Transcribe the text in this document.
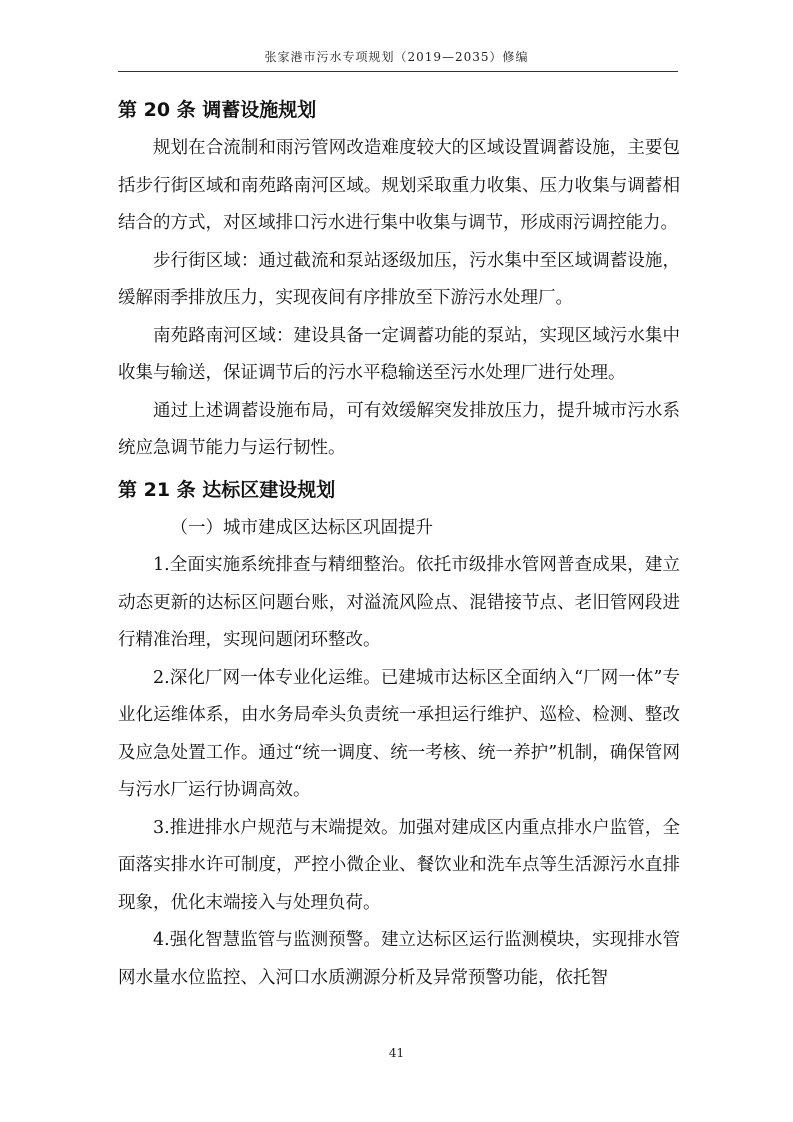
张家港市污水专项规划（2019—2035）修编
第 20 条 调蓄设施规划

规划在合流制和雨污管网改造难度较大的区域设置调蓄设施，主要包括步行街区域和南苑路南河区域。规划采取重力收集、压力收集与调蓄相结合的方式，对区域排口污水进行集中收集与调节，形成雨污调控能力。

步行街区域：通过截流和泵站逐级加压，污水集中至区域调蓄设施，缓解雨季排放压力，实现夜间有序排放至下游污水处理厂。

南苑路南河区域：建设具备一定调蓄功能的泵站，实现区域污水集中收集与输送，保证调节后的污水平稳输送至污水处理厂进行处理。

通过上述调蓄设施布局，可有效缓解突发排放压力，提升城市污水系统应急调节能力与运行韧性。

第 21 条 达标区建设规划

（一）城市建成区达标区巩固提升

1.全面实施系统排查与精细整治。依托市级排水管网普查成果，建立动态更新的达标区问题台账，对溢流风险点、混错接节点、老旧管网段进行精准治理，实现问题闭环整改。

2.深化厂网一体专业化运维。已建城市达标区全面纳入“厂网一体”专业化运维体系，由水务局牵头负责统一承担运行维护、巡检、检测、整改及应急处置工作。通过“统一调度、统一考核、统一养护”机制，确保管网与污水厂运行协调高效。

3.推进排水户规范与末端提效。加强对建成区内重点排水户监管，全面落实排水许可制度，严控小微企业、餐饮业和洗车点等生活源污水直排现象，优化末端接入与处理负荷。

4.强化智慧监管与监测预警。建立达标区运行监测模块，实现排水管网水量水位监控、入河口水质溯源分析及异常预警功能，依托智

41
